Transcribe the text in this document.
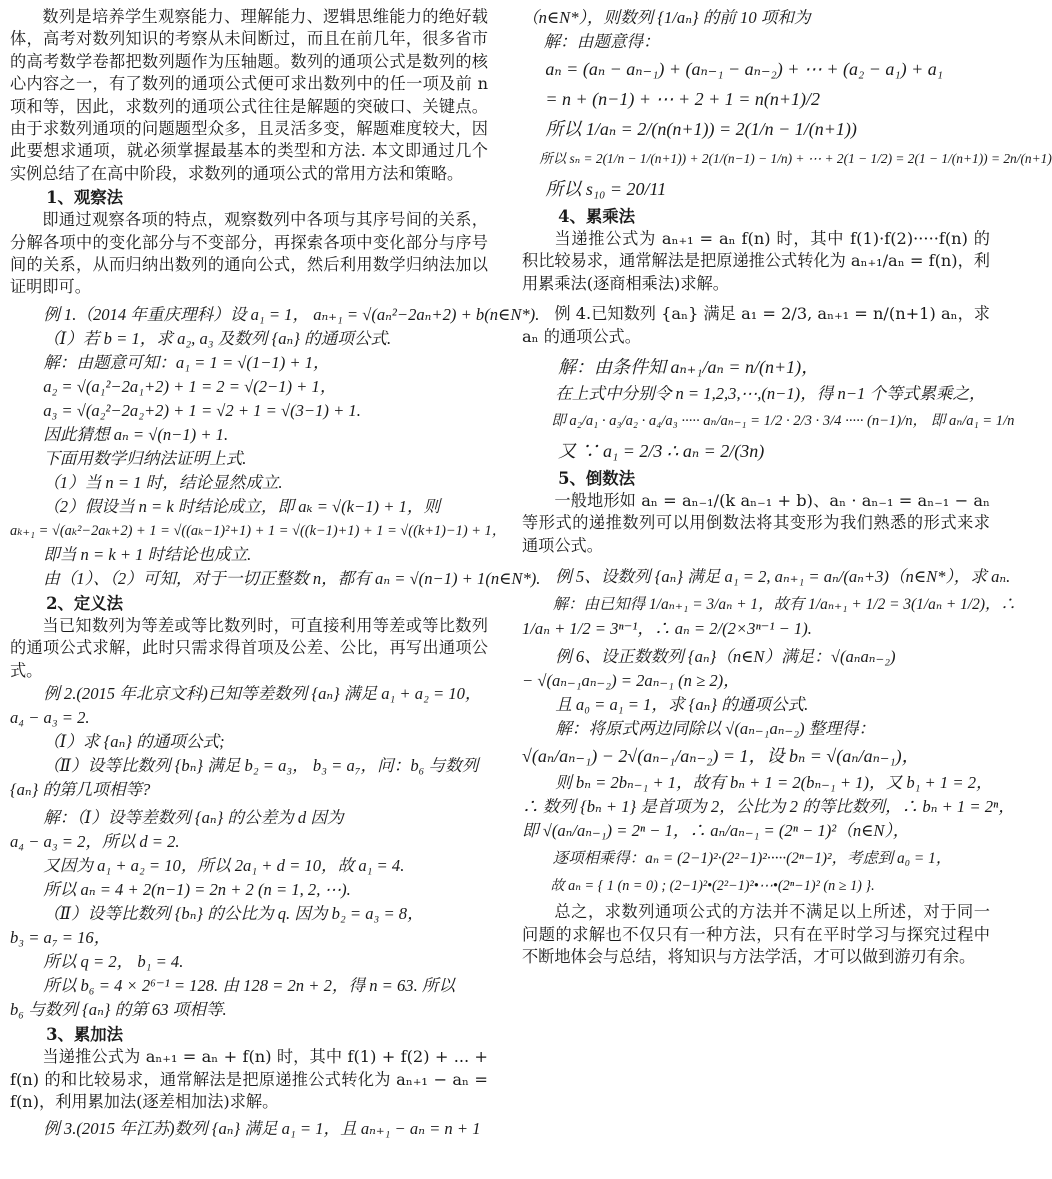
数列是培养学生观察能力、理解能力、逻辑思维能力的绝好载体，高考对数列知识的考察从未间断过，而且在前几年，很多省市的高考数学卷都把数列题作为压轴题。数列的通项公式是数列的核心内容之一，有了数列的通项公式便可求出数列中的任一项及前 n 项和等，因此，求数列的通项公式往往是解题的突破口、关键点。由于求数列通项的问题题型众多，且灵活多变，解题难度较大，因此要想求通项，就必须掌握最基本的类型和方法. 本文即通过几个实例总结了在高中阶段，求数列的通项公式的常用方法和策略。

1、观察法

即通过观察各项的特点，观察数列中各项与其序号间的关系，分解各项中的变化部分与不变部分，再探索各项中变化部分与序号间的关系，从而归纳出数列的通向公式，然后利用数学归纳法加以证明即可。

例 1.（2014 年重庆理科）设 a₁ = 1， aₙ₊₁ = √(aₙ²−2aₙ+2) + b(n∈N*).

（Ⅰ）若 b = 1，求 a₂, a₃ 及数列 {aₙ} 的通项公式.

解：由题意可知：a₁ = 1 = √(1−1) + 1，

a₂ = √(a₁²−2a₁+2) + 1 = 2 = √(2−1) + 1，

a₃ = √(a₂²−2a₂+2) + 1 = √2 + 1 = √(3−1) + 1.

因此猜想 aₙ = √(n−1) + 1.

下面用数学归纳法证明上式.

（1）当 n = 1 时，结论显然成立.

（2）假设当 n = k 时结论成立，即 aₖ = √(k−1) + 1，则

aₖ₊₁ = √(aₖ²−2aₖ+2) + 1 = √((aₖ−1)²+1) + 1 = √((k−1)+1) + 1 = √((k+1)−1) + 1，

即当 n = k + 1 时结论也成立.

由（1）、（2）可知，对于一切正整数 n，都有 aₙ = √(n−1) + 1(n∈N*).

2、定义法

当已知数列为等差或等比数列时，可直接利用等差或等比数列的通项公式求解，此时只需求得首项及公差、公比，再写出通项公式。

例 2.(2015 年北京文科)已知等差数列 {aₙ} 满足 a₁ + a₂ = 10，

a₄ − a₃ = 2.

（Ⅰ）求 {aₙ} 的通项公式;

（Ⅱ）设等比数列 {bₙ} 满足 b₂ = a₃， b₃ = a₇，问：b₆ 与数列

{aₙ} 的第几项相等?

解：（Ⅰ）设等差数列 {aₙ} 的公差为 d 因为

a₄ − a₃ = 2，所以 d = 2.

又因为 a₁ + a₂ = 10，所以 2a₁ + d = 10，故 a₁ = 4.

所以 aₙ = 4 + 2(n−1) = 2n + 2 (n = 1, 2, ⋯).

（Ⅱ）设等比数列 {bₙ} 的公比为 q. 因为 b₂ = a₃ = 8，

b₃ = a₇ = 16，

所以 q = 2， b₁ = 4.

所以 b₆ = 4 × 2⁶⁻¹ = 128. 由 128 = 2n + 2，得 n = 63. 所以

b₆ 与数列 {aₙ} 的第 63 项相等.

3、累加法

当递推公式为 aₙ₊₁ = aₙ + f(n) 时，其中 f(1) + f(2) + ... + f(n) 的和比较易求，通常解法是把原递推公式转化为 aₙ₊₁ − aₙ = f(n)，利用累加法(逐差相加法)求解。

例 3.(2015 年江苏)数列 {aₙ} 满足 a₁ = 1，且 aₙ₊₁ − aₙ = n + 1

（n∈N*），则数列 {1/aₙ} 的前 10 项和为

解：由题意得：

aₙ = (aₙ − aₙ₋₁) + (aₙ₋₁ − aₙ₋₂) + ⋯ + (a₂ − a₁) + a₁

= n + (n−1) + ⋯ + 2 + 1 = n(n+1)/2

所以 1/aₙ = 2/(n(n+1)) = 2(1/n − 1/(n+1))

所以 sₙ = 2(1/n − 1/(n+1)) + 2(1/(n−1) − 1/n) + ⋯ + 2(1 − 1/2) = 2(1 − 1/(n+1)) = 2n/(n+1)

所以 s₁₀ = 20/11

4、累乘法

当递推公式为 aₙ₊₁ = aₙ f(n) 时，其中 f(1)·f(2)·····f(n) 的积比较易求，通常解法是把原递推公式转化为 aₙ₊₁/aₙ = f(n)，利用累乘法(逐商相乘法)求解。

例 4.已知数列 {aₙ} 满足 a₁ = 2/3, aₙ₊₁ = n/(n+1) aₙ，求 aₙ 的通项公式。

解：由条件知 aₙ₊₁/aₙ = n/(n+1)，

在上式中分别令 n = 1,2,3,⋯,(n−1)，得 n−1 个等式累乘之，

即 a₂/a₁ · a₃/a₂ · a₄/a₃ ····· aₙ/aₙ₋₁ = 1/2 · 2/3 · 3/4 ····· (n−1)/n， 即 aₙ/a₁ = 1/n

又 ∵ a₁ = 2/3 ∴ aₙ = 2/(3n)

5、倒数法

一般地形如 aₙ = aₙ₋₁/(k aₙ₋₁ + b)、aₙ · aₙ₋₁ = aₙ₋₁ − aₙ 等形式的递推数列可以用倒数法将其变形为我们熟悉的形式来求通项公式。

例 5、设数列 {aₙ} 满足 a₁ = 2, aₙ₊₁ = aₙ/(aₙ+3)（n∈N*），求 aₙ.

解：由已知得 1/aₙ₊₁ = 3/aₙ + 1，故有 1/aₙ₊₁ + 1/2 = 3(1/aₙ + 1/2)，∴

1/aₙ + 1/2 = 3ⁿ⁻¹，∴ aₙ = 2/(2×3ⁿ⁻¹ − 1).

例 6、设正数数列 {aₙ}（n∈N）满足：√(aₙaₙ₋₂)

− √(aₙ₋₁aₙ₋₂) = 2aₙ₋₁ (n ≥ 2)，

且 a₀ = a₁ = 1，求 {aₙ} 的通项公式.

解：将原式两边同除以 √(aₙ₋₁aₙ₋₂) 整理得：

√(aₙ/aₙ₋₁) − 2√(aₙ₋₁/aₙ₋₂) = 1，设 bₙ = √(aₙ/aₙ₋₁)，

则 bₙ = 2bₙ₋₁ + 1，故有 bₙ + 1 = 2(bₙ₋₁ + 1)，又 b₁ + 1 = 2，

∴ 数列 {bₙ + 1} 是首项为 2，公比为 2 的等比数列，∴ bₙ + 1 = 2ⁿ，

即 √(aₙ/aₙ₋₁) = 2ⁿ − 1，∴ aₙ/aₙ₋₁ = (2ⁿ − 1)²（n∈N），

逐项相乘得：aₙ = (2−1)²·(2²−1)²·····(2ⁿ−1)²，考虑到 a₀ = 1，

故 aₙ = { 1 (n = 0) ; (2−1)²•(2²−1)²•⋯•(2ⁿ−1)² (n ≥ 1) }.

总之，求数列通项公式的方法并不满足以上所述，对于同一问题的求解也不仅只有一种方法，只有在平时学习与探究过程中不断地体会与总结，将知识与方法学活，才可以做到游刃有余。
